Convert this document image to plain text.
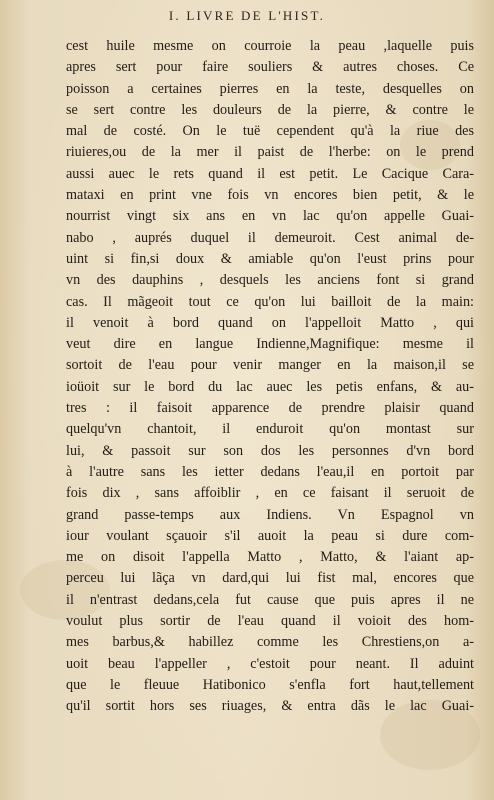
I. LIVRE DE L'HIST.
cest huile mesme on courroie la peau ,laquelle puis
apres sert pour faire souliers & autres choses. Ce
poisson a certaines pierres en la teste, desquelles on
se sert contre les douleurs de la pierre, & contre le
mal de costé. On le tuë cependent qu'à la riue des
riuieres,ou de la mer il paist de l'herbe: on le prend
aussi auec le rets quand il est petit. Le Cacique Cara-
mataxi en print vne fois vn encores bien petit, & le
nourrist vingt six ans en vn lac qu'on appelle Guai-
nabo , auprés duquel il demeuroit. Cest animal de-
uint si fin,si doux & amiable qu'on l'eust prins pour
vn des dauphins , desquels les anciens font si grand
cas. Il mãgeoit tout ce qu'on lui bailloit de la main:
il venoit à bord quand on l'appelloit Matto , qui
veut dire en langue Indienne,Magnifique: mesme il
sortoit de l'eau pour venir manger en la maison,il se
ioüoit sur le bord du lac auec les petis enfans, & au-
tres : il faisoit apparence de prendre plaisir quand
quelqu'vn chantoit, il enduroit qu'on montast sur
lui, & passoit sur son dos les personnes d'vn bord
à l'autre sans les ietter dedans l'eau,il en portoit par
fois dix , sans affoiblir , en ce faisant il seruoit de
grand passe-temps aux Indiens. Vn Espagnol vn
iour voulant sçauoir s'il auoit la peau si dure com-
me on disoit l'appella Matto , Matto, & l'aiant ap-
perceu lui lãça vn dard,qui lui fist mal, encores que
il n'entrast dedans,cela fut cause que puis apres il ne
voulut plus sortir de l'eau quand il voioit des hom-
mes barbus,& habillez comme les Chrestiens,on a-
uoit beau l'appeller , c'estoit pour neant. Il aduint
que le fleuue Hatibonico s'enfla fort haut,tellement
qu'il sortit hors ses riuages, & entra dãs le lac Guai-
